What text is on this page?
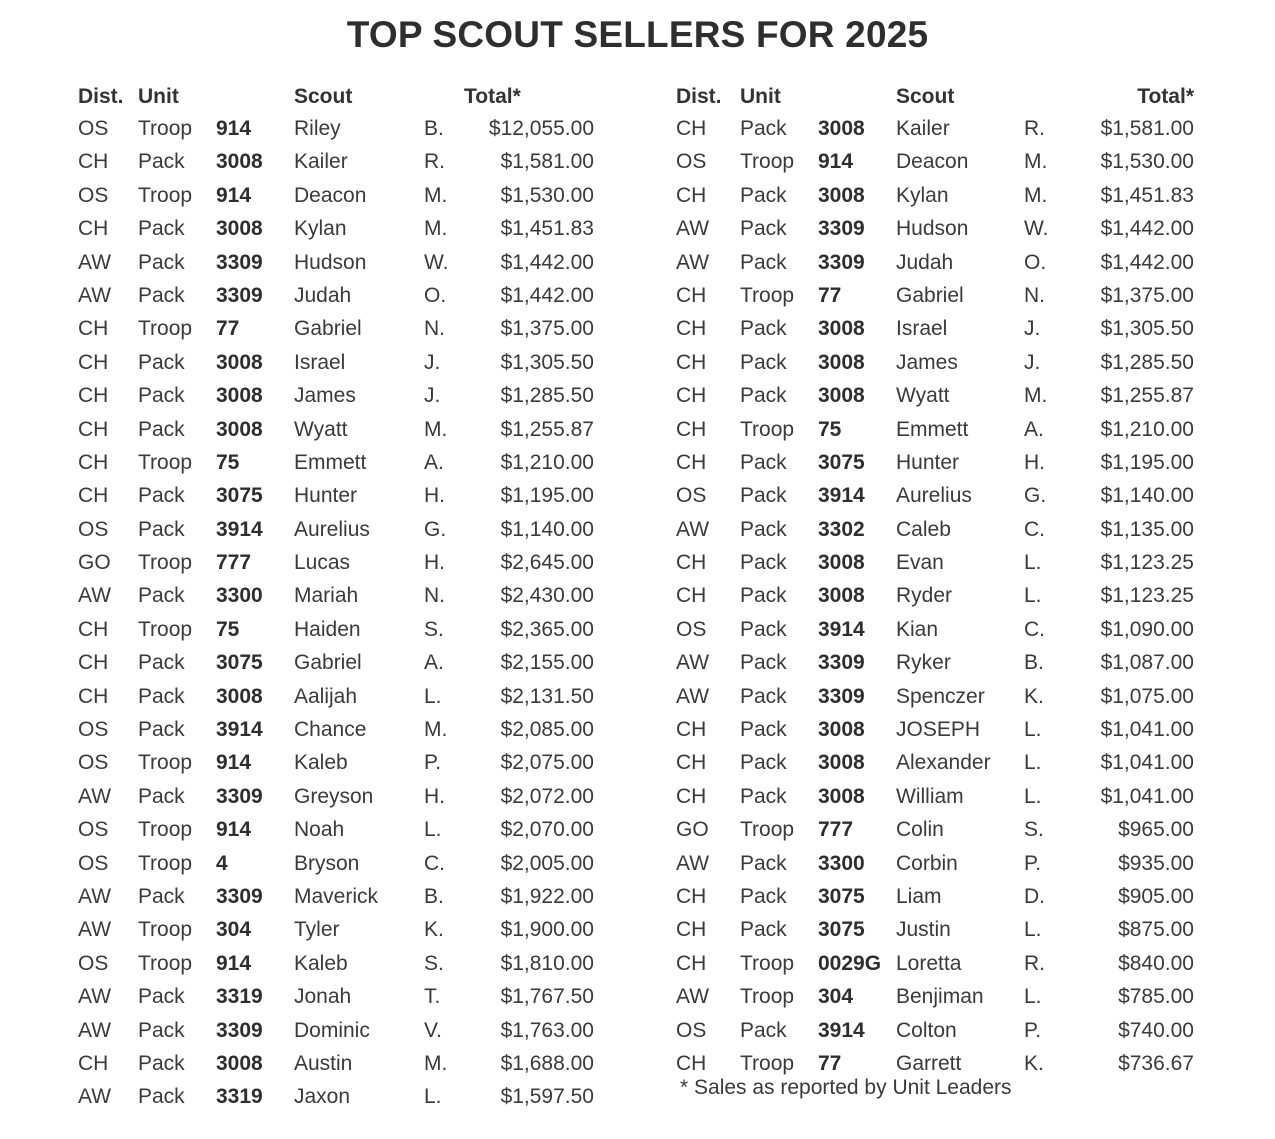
TOP SCOUT SELLERS FOR 2025
Dist. Unit	Scout	Total*
OS Troop 914 Riley	B. $12,055.00
CH Pack 3008 Kailer	R.	$1,581.00
OS Troop 914 Deacon	M.	$1,530.00
CH Pack 3008 Kylan	M.	$1,451.83
AW Pack 3309 Hudson	W. $1,442.00
AW Pack 3309 Judah	O.	$1,442.00
CH Troop 77	Gabriel	N.	$1,375.00
CH Pack 3008 Israel	J.	$1,305.50
CH Pack 3008 James	J.	$1,285.50
CH Pack 3008 Wyatt	M.	$1,255.87
CH Troop 75	Emmett	A.	$1,210.00
CH Pack 3075 Hunter	H.	$1,195.00
OS Pack 3914 Aurelius	G.	$1,140.00
GO Troop 777 Lucas	H.	$2,645.00
AW Pack 3300 Mariah	N.	$2,430.00
CH Troop 75	Haiden	S.	$2,365.00
CH Pack 3075 Gabriel	A.	$2,155.00
CH Pack 3008 Aalijah	L.	$2,131.50
OS Pack 3914 Chance	M.	$2,085.00
OS Troop 914 Kaleb	P.	$2,075.00
AW Pack 3309 Greyson H.	$2,072.00
OS Troop 914 Noah	L.	$2,070.00
OS Troop 4	Bryson	C.	$2,005.00
AW Pack 3309 Maverick B.	$1,922.00
AW Troop 304 Tyler	K.	$1,900.00
OS Troop 914 Kaleb	S.	$1,810.00
AW Pack 3319 Jonah	T.	$1,767.50
AW Pack 3309 Dominic	V.	$1,763.00
CH Pack 3008 Austin	M.	$1,688.00
AW Pack 3319 Jaxon	L.	$1,597.50
Dist. Unit	Scout	Total*
CH Pack 3008 Kailer	R.	$1,581.00
OS Troop 914 Deacon	M.	$1,530.00
CH Pack 3008 Kylan	M.	$1,451.83
AW Pack 3309 Hudson	W. $1,442.00
AW Pack 3309 Judah	O.	$1,442.00
CH Troop 77	Gabriel	N.	$1,375.00
CH Pack 3008 Israel	J.	$1,305.50
CH Pack 3008 James	J.	$1,285.50
CH Pack 3008 Wyatt	M.	$1,255.87
CH Troop 75	Emmett	A.	$1,210.00
CH Pack 3075 Hunter	H.	$1,195.00
OS Pack 3914 Aurelius G.	$1,140.00
AW Pack 3302 Caleb	C.	$1,135.00
CH Pack 3008 Evan	L.	$1,123.25
CH Pack 3008 Ryder	L.	$1,123.25
OS Pack 3914 Kian	C.	$1,090.00
AW Pack 3309 Ryker	B.	$1,087.00
AW Pack 3309 Spenczer K.	$1,075.00
CH Pack 3008 JOSEPH L.	$1,041.00
CH Pack 3008 Alexander L.	$1,041.00
CH Pack 3008 William	L.	$1,041.00
GO Troop 777 Colin	S.	$965.00
AW Pack 3300 Corbin	P.	$935.00
CH Pack 3075 Liam	D.	$905.00
CH Pack 3075 Justin	L.	$875.00
CH Troop 0029G Loretta	R.	$840.00
AW Troop 304 Benjiman L.	$785.00
OS Pack 3914 Colton	P.	$740.00
CH Troop 77	Garrett	K.	$736.67
* Sales as reported by Unit Leaders
